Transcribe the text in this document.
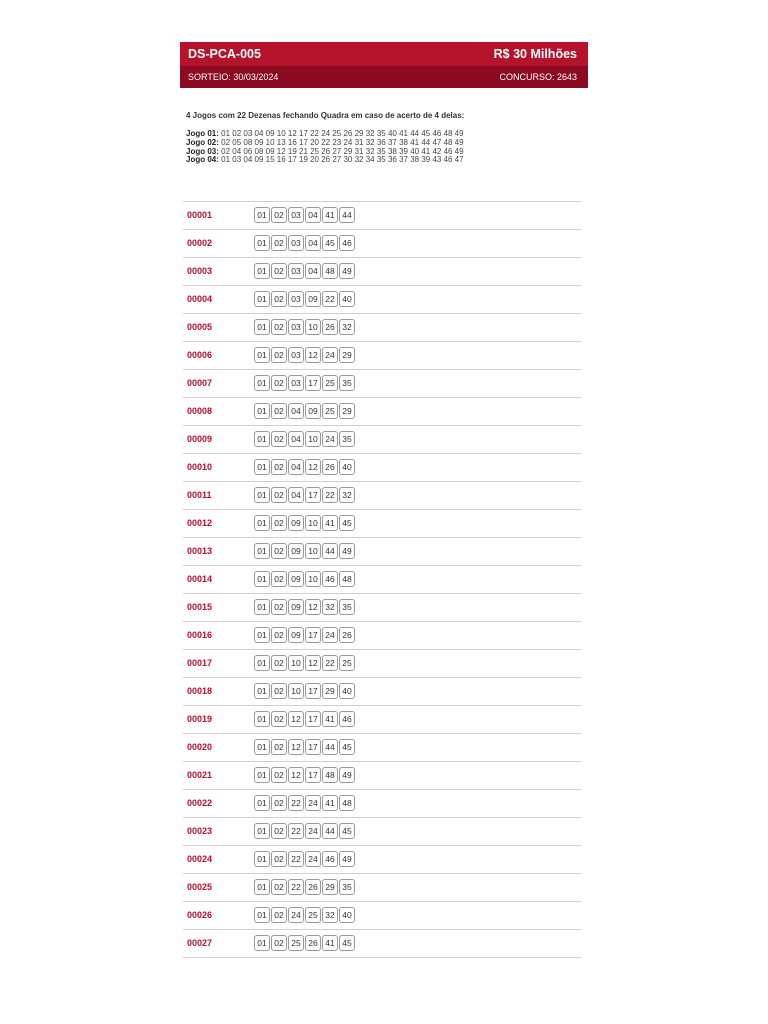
DS-PCA-005	R$ 30 Milhões
SORTEIO: 30/03/2024	CONCURSO: 2643
4 Jogos com 22 Dezenas fechando Quadra em caso de acerto de 4 delas:
Jogo 01: 01 02 03 04 09 10 12 17 22 24 25 26 29 32 35 40 41 44 45 46 48 49
Jogo 02: 02 05 08 09 10 13 16 17 20 22 23 24 31 32 36 37 38 41 44 47 48 49
Jogo 03: 02 04 06 08 09 12 19 21 25 26 27 29 31 32 35 38 39 40 41 42 46 49
Jogo 04: 01 03 04 09 15 16 17 19 20 26 27 30 32 34 35 36 37 38 39 43 46 47
00001	01 02 03 04 41 44
00002	01 02 03 04 45 46
00003	01 02 03 04 48 49
00004	01 02 03 09 22 40
00005	01 02 03 10 26 32
00006	01 02 03 12 24 29
00007	01 02 03 17 25 35
00008	01 02 04 09 25 29
00009	01 02 04 10 24 35
00010	01 02 04 12 26 40
00011	01 02 04 17 22 32
00012	01 02 09 10 41 45
00013	01 02 09 10 44 49
00014	01 02 09 10 46 48
00015	01 02 09 12 32 35
00016	01 02 09 17 24 26
00017	01 02 10 12 22 25
00018	01 02 10 17 29 40
00019	01 02 12 17 41 46
00020	01 02 12 17 44 45
00021	01 02 12 17 48 49
00022	01 02 22 24 41 48
00023	01 02 22 24 44 45
00024	01 02 22 24 46 49
00025	01 02 22 26 29 35
00026	01 02 24 25 32 40
00027	01 02 25 26 41 45
